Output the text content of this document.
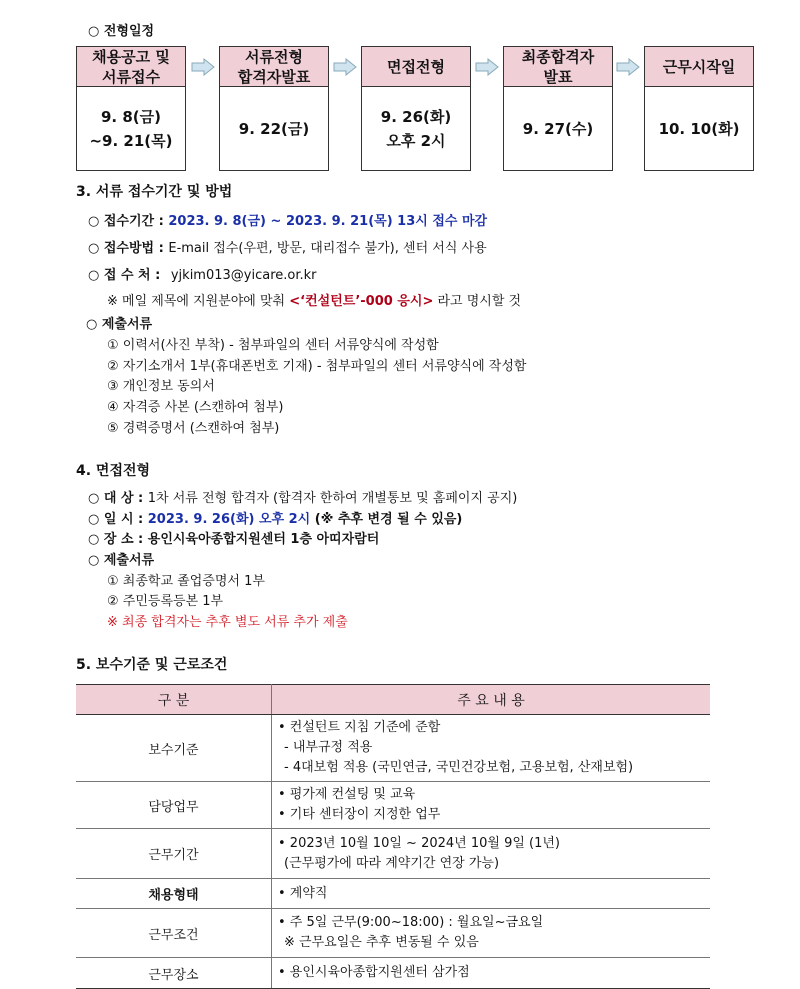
○ 전형일정
채용공고 및
서류접수
9. 8(금)
~9. 21(목)
서류전형
합격자발표
9. 22(금)
면접전형
9. 26(화)
오후 2시
최종합격자
발표
9. 27(수)
근무시작일
10. 10(화)
3. 서류 접수기간 및 방법
○ 접수기간 : 2023. 9. 8(금) ~ 2023. 9. 21(목) 13시 접수 마감
○ 접수방법 : E-mail 접수(우편, 방문, 대리접수 불가), 센터 서식 사용
○ 접 수 처 : yjkim013@yicare.or.kr
※ 메일 제목에 지원분야에 맞춰 <‘컨설턴트’-000 응시> 라고 명시할 것
○ 제출서류
① 이력서(사진 부착) - 첨부파일의 센터 서류양식에 작성함
② 자기소개서 1부(휴대폰번호 기재) - 첨부파일의 센터 서류양식에 작성함
③ 개인정보 동의서
④ 자격증 사본 (스캔하여 첨부)
⑤ 경력증명서 (스캔하여 첨부)
4. 면접전형
○ 대 상 : 1차 서류 전형 합격자 (합격자 한하여 개별통보 및 홈페이지 공지)
○ 일 시 : 2023. 9. 26(화) 오후 2시 (※ 추후 변경 될 수 있음)
○ 장 소 : 용인시육아종합지원센터 1층 아띠자람터
○ 제출서류
① 최종학교 졸업증명서 1부
② 주민등록등본 1부
※ 최종 합격자는 추후 별도 서류 추가 제출
5. 보수기준 및 근로조건
구 분	주 요 내 용
보수기준	• 컨설턴트 지침 기준에 준함
- 내부규정 적용
- 4대보험 적용 (국민연금, 국민건강보험, 고용보험, 산재보험)

담당업무	• 평가제 컨설팅 및 교육
• 기타 센터장이 지정한 업무

근무기간	• 2023년 10월 10일 ~ 2024년 10월 9일 (1년)
(근무평가에 따라 계약기간 연장 가능)

채용형태	• 계약직

근무조건	• 주 5일 근무(9:00~18:00) : 월요일~금요일
※ 근무요일은 추후 변동될 수 있음

근무장소	• 용인시육아종합지원센터 삼가점
